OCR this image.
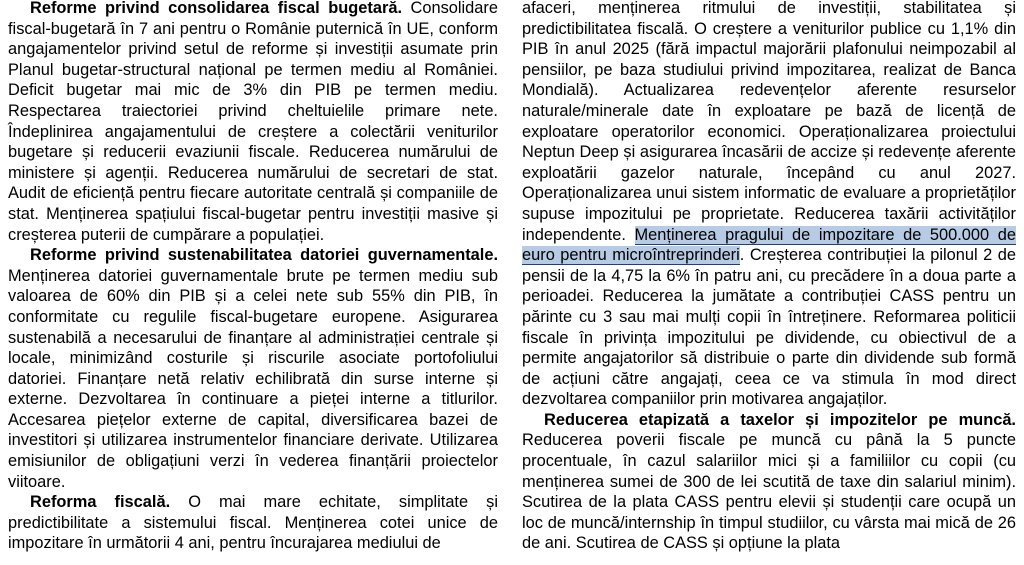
Reforme privind consolidarea fiscal bugetară. Consolidare fiscal-bugetară în 7 ani pentru o Românie puternică în UE, conform angajamentelor privind setul de reforme și investiții asumate prin Planul bugetar-structural național pe termen mediu al României. Deficit bugetar mai mic de 3% din PIB pe termen mediu. Respectarea traiectoriei privind cheltuielile primare nete. Îndeplinirea angajamentului de creștere a colectării veniturilor bugetare și reducerii evaziunii fiscale. Reducerea numărului de ministere și agenții. Reducerea numărului de secretari de stat. Audit de eficiență pentru fiecare autoritate centrală și companiile de stat. Menținerea spațiului fiscal-bugetar pentru investiții masive și creșterea puterii de cumpărare a populației.

Reforme privind sustenabilitatea datoriei guvernamentale. Menținerea datoriei guvernamentale brute pe termen mediu sub valoarea de 60% din PIB și a celei nete sub 55% din PIB, în conformitate cu regulile fiscal-bugetare europene. Asigurarea sustenabilă a necesarului de finanțare al administrației centrale și locale, minimizând costurile și riscurile asociate portofoliului datoriei. Finanțare netă relativ echilibrată din surse interne și externe. Dezvoltarea în continuare a pieței interne a titlurilor. Accesarea piețelor externe de capital, diversificarea bazei de investitori și utilizarea instrumentelor financiare derivate. Utilizarea emisiunilor de obligațiuni verzi în vederea finanțării proiectelor viitoare.

Reforma fiscală. O mai mare echitate, simplitate și predictibilitate a sistemului fiscal. Menținerea cotei unice de impozitare în următorii 4 ani, pentru încurajarea mediului de

afaceri, menținerea ritmului de investiții, stabilitatea și predictibilitatea fiscală. O creștere a veniturilor publice cu 1,1% din PIB în anul 2025 (fără impactul majorării plafonului neimpozabil al pensiilor, pe baza studiului privind impozitarea, realizat de Banca Mondială). Actualizarea redevențelor aferente resurselor naturale/minerale date în exploatare pe bază de licență de exploatare operatorilor economici. Operaționalizarea proiectului Neptun Deep și asigurarea încasării de accize și redevențe aferente exploatării gazelor naturale, începând cu anul 2027. Operaționalizarea unui sistem informatic de evaluare a proprietăților supuse impozitului pe proprietate. Reducerea taxării activităților independente. Menținerea pragului de impozitare de 500.000 de euro pentru microîntreprinderi. Creșterea contribuției la pilonul 2 de pensii de la 4,75 la 6% în patru ani, cu precădere în a doua parte a perioadei. Reducerea la jumătate a contribuției CASS pentru un părinte cu 3 sau mai mulți copii în întreținere. Reformarea politicii fiscale în privința impozitului pe dividende, cu obiectivul de a permite angajatorilor să distribuie o parte din dividende sub formă de acțiuni către angajați, ceea ce va stimula în mod direct dezvoltarea companiilor prin motivarea angajaților.

Reducerea etapizată a taxelor și impozitelor pe muncă. Reducerea poverii fiscale pe muncă cu până la 5 puncte procentuale, în cazul salariilor mici și a familiilor cu copii (cu menținerea sumei de 300 de lei scutită de taxe din salariul minim). Scutirea de la plata CASS pentru elevii și studenții care ocupă un loc de muncă/internship în timpul studiilor, cu vârsta mai mică de 26 de ani. Scutirea de CASS și opțiune la plata
